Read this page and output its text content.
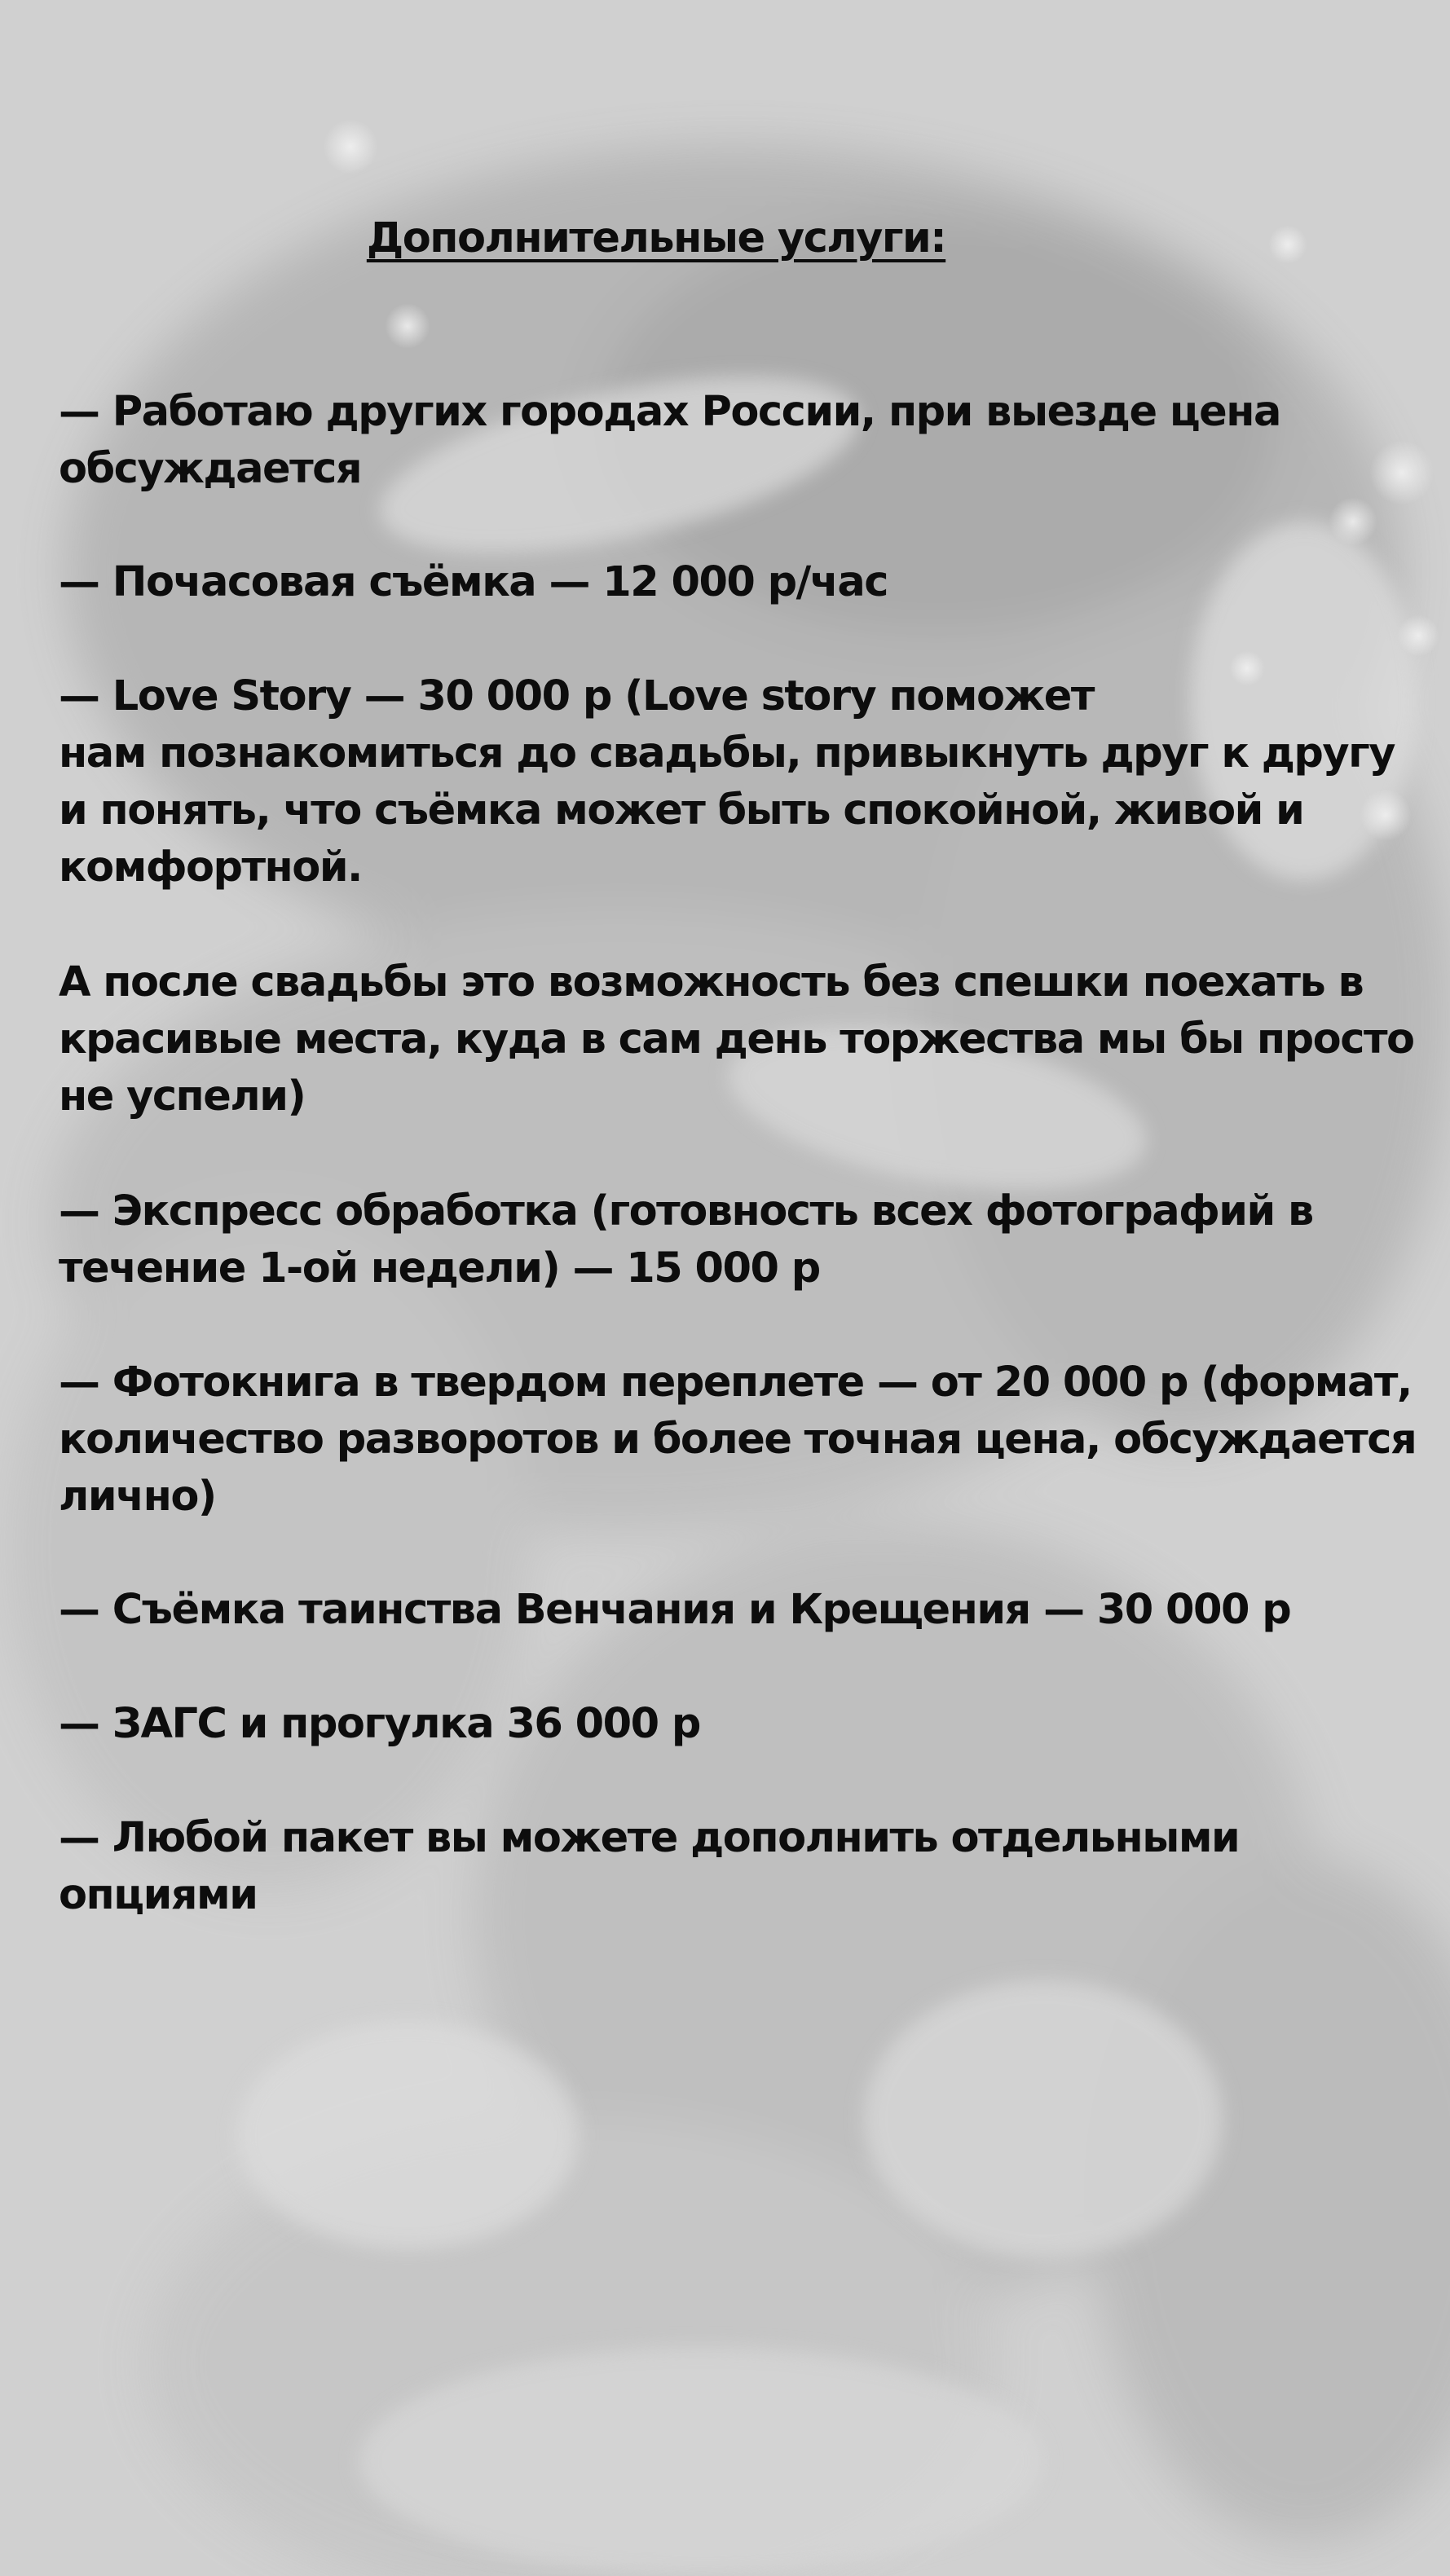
Дополнительные услуги:

— Работаю других городах России, при выезде цена
обсуждается

— Почасовая съёмка — 12 000 р/час

— Love Story — 30 000 р (Love story поможет
нам познакомиться до свадьбы, привыкнуть друг к другу
и понять, что съёмка может быть спокойной, живой и
комфортной.

А после свадьбы это возможность без спешки поехать в
красивые места, куда в сам день торжества мы бы просто
не успели)

— Экспресс обработка (готовность всех фотографий в
течение 1-ой недели) — 15 000 р

— Фотокнига в твердом переплете — от 20 000 р (формат,
количество разворотов и более точная цена, обсуждается
лично)

— Съёмка таинства Венчания и Крещения — 30 000 р

— ЗАГС и прогулка 36 000 р

— Любой пакет вы можете дополнить отдельными опциями
